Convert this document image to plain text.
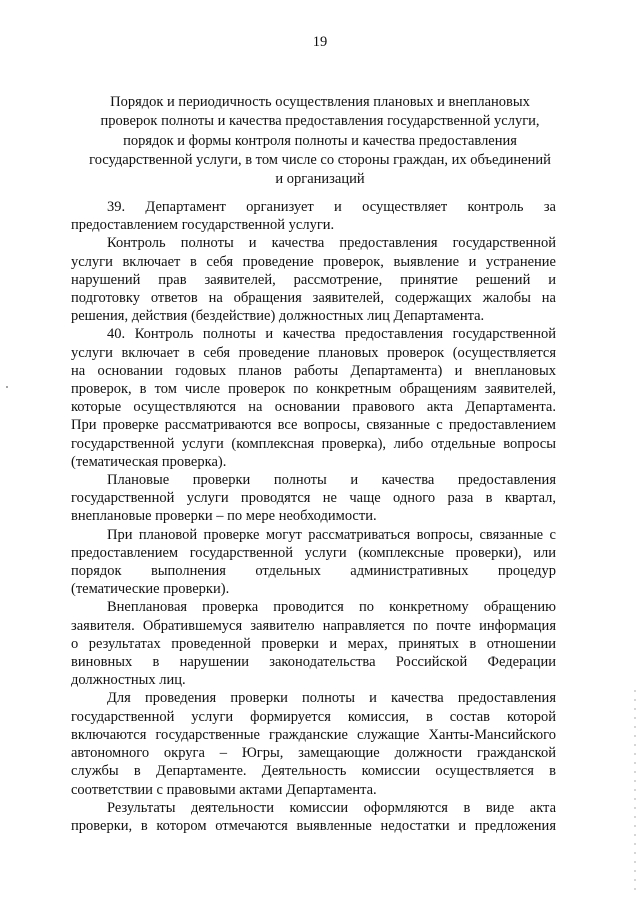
19
Порядок и периодичность осуществления плановых и внеплановых
проверок полноты и качества предоставления государственной услуги,
порядок и формы контроля полноты и качества предоставления
государственной услуги, в том числе со стороны граждан, их объединений
и организаций
39. Департамент организует и осуществляет контроль за
предоставлением государственной услуги.
Контроль полноты и качества предоставления государственной
услуги включает в себя проведение проверок, выявление и устранение
нарушений прав заявителей, рассмотрение, принятие решений и
подготовку ответов на обращения заявителей, содержащих жалобы на
решения, действия (бездействие) должностных лиц Департамента.
40. Контроль полноты и качества предоставления государственной
услуги включает в себя проведение плановых проверок (осуществляется
на основании годовых планов работы Департамента) и внеплановых
проверок, в том числе проверок по конкретным обращениям заявителей,
которые осуществляются на основании правового акта Департамента.
При проверке рассматриваются все вопросы, связанные с предоставлением
государственной услуги (комплексная проверка), либо отдельные вопросы
(тематическая проверка).
Плановые проверки полноты и качества предоставления
государственной услуги проводятся не чаще одного раза в квартал,
внеплановые проверки – по мере необходимости.
При плановой проверке могут рассматриваться вопросы, связанные с
предоставлением государственной услуги (комплексные проверки), или
порядок выполнения отдельных административных процедур
(тематические проверки).
Внеплановая проверка проводится по конкретному обращению
заявителя. Обратившемуся заявителю направляется по почте информация
о результатах проведенной проверки и мерах, принятых в отношении
виновных в нарушении законодательства Российской Федерации
должностных лиц.
Для проведения проверки полноты и качества предоставления
государственной услуги формируется комиссия, в состав которой
включаются государственные гражданские служащие Ханты-Мансийского
автономного округа – Югры, замещающие должности гражданской
службы в Департаменте. Деятельность комиссии осуществляется в
соответствии с правовыми актами Департамента.
Результаты деятельности комиссии оформляются в виде акта
проверки, в котором отмечаются выявленные недостатки и предложения
